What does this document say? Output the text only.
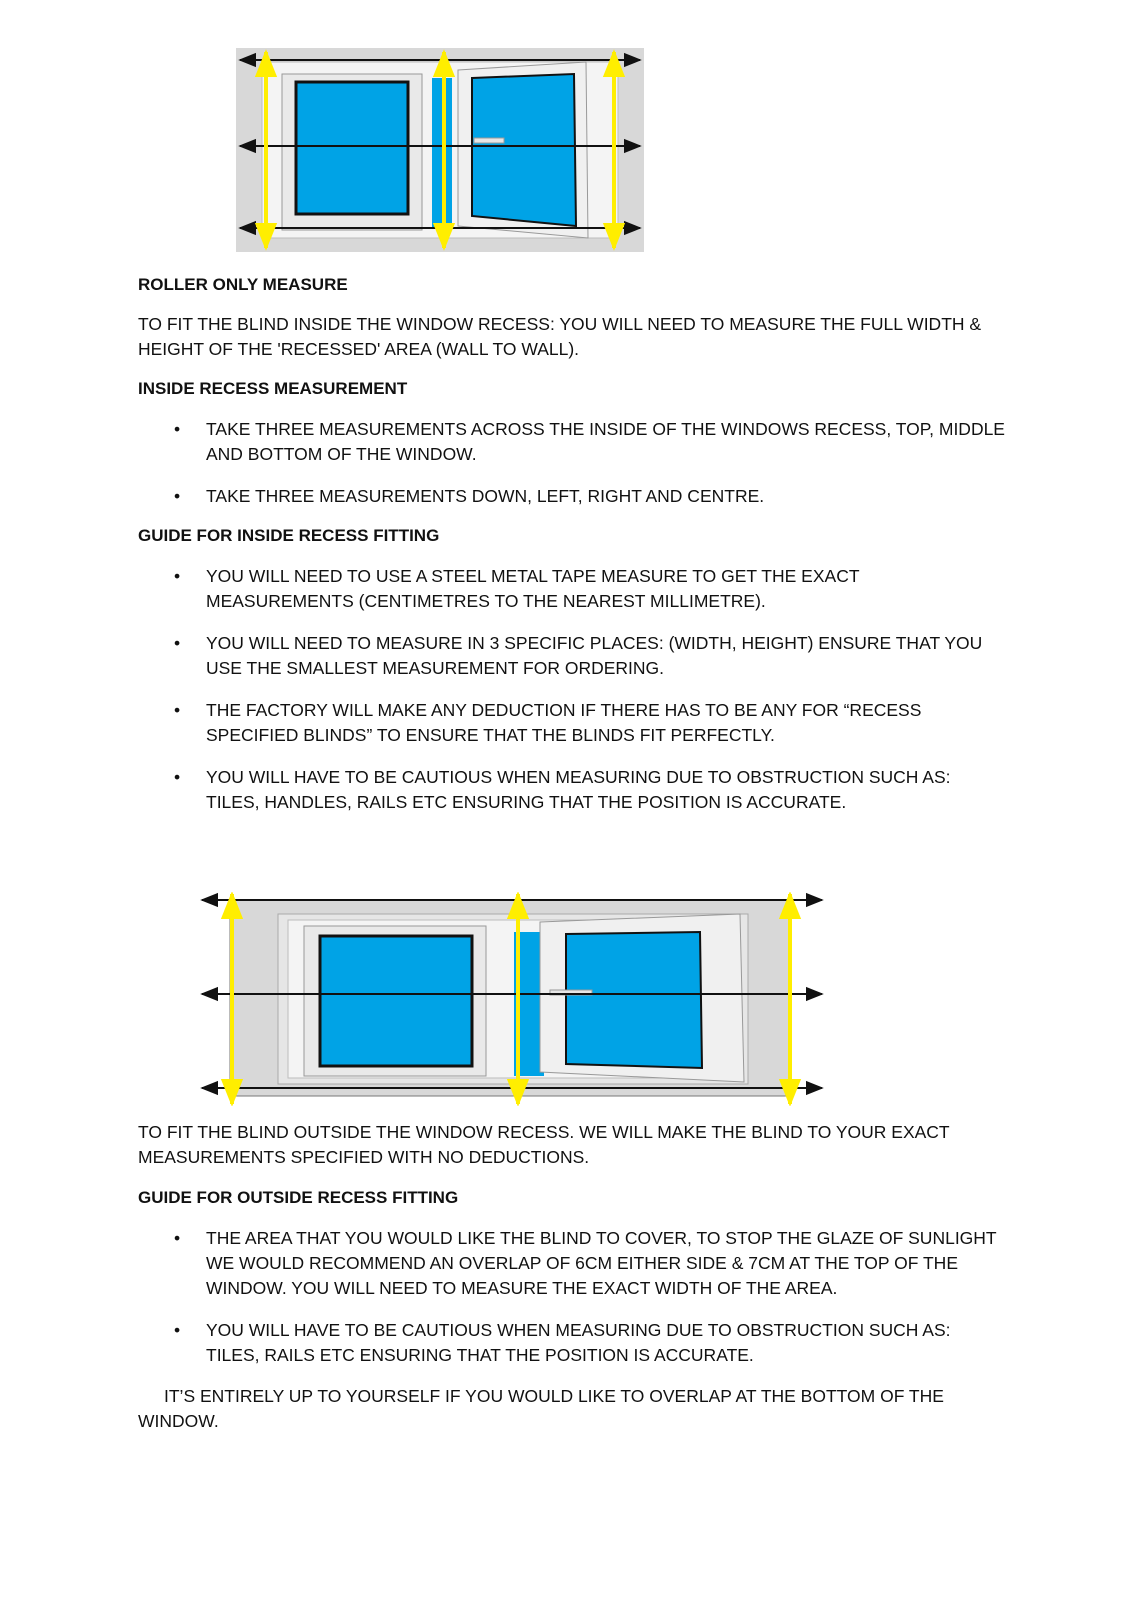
ROLLER ONLY MEASURE

TO FIT THE BLIND INSIDE THE WINDOW RECESS: YOU WILL NEED TO MEASURE THE FULL WIDTH & HEIGHT OF THE 'RECESSED' AREA (WALL TO WALL).

INSIDE RECESS MEASUREMENT

• TAKE THREE MEASUREMENTS ACROSS THE INSIDE OF THE WINDOWS RECESS, TOP, MIDDLE AND BOTTOM OF THE WINDOW.
• TAKE THREE MEASUREMENTS DOWN, LEFT, RIGHT AND CENTRE.

GUIDE FOR INSIDE RECESS FITTING

• YOU WILL NEED TO USE A STEEL METAL TAPE MEASURE TO GET THE EXACT MEASUREMENTS (CENTIMETRES TO THE NEAREST MILLIMETRE).
• YOU WILL NEED TO MEASURE IN 3 SPECIFIC PLACES: (WIDTH, HEIGHT) ENSURE THAT YOU USE THE SMALLEST MEASUREMENT FOR ORDERING.
• THE FACTORY WILL MAKE ANY DEDUCTION IF THERE HAS TO BE ANY FOR “RECESS SPECIFIED BLINDS” TO ENSURE THAT THE BLINDS FIT PERFECTLY.
• YOU WILL HAVE TO BE CAUTIOUS WHEN MEASURING DUE TO OBSTRUCTION SUCH AS: TILES, HANDLES, RAILS ETC ENSURING THAT THE POSITION IS ACCURATE.

TO FIT THE BLIND OUTSIDE THE WINDOW RECESS. WE WILL MAKE THE BLIND TO YOUR EXACT MEASUREMENTS SPECIFIED WITH NO DEDUCTIONS.

GUIDE FOR OUTSIDE RECESS FITTING

• THE AREA THAT YOU WOULD LIKE THE BLIND TO COVER, TO STOP THE GLAZE OF SUNLIGHT WE WOULD RECOMMEND AN OVERLAP OF 6CM EITHER SIDE & 7CM AT THE TOP OF THE WINDOW. YOU WILL NEED TO MEASURE THE EXACT WIDTH OF THE AREA.
• YOU WILL HAVE TO BE CAUTIOUS WHEN MEASURING DUE TO OBSTRUCTION SUCH AS: TILES, RAILS ETC ENSURING THAT THE POSITION IS ACCURATE.

IT’S ENTIRELY UP TO YOURSELF IF YOU WOULD LIKE TO OVERLAP AT THE BOTTOM OF THE WINDOW.
